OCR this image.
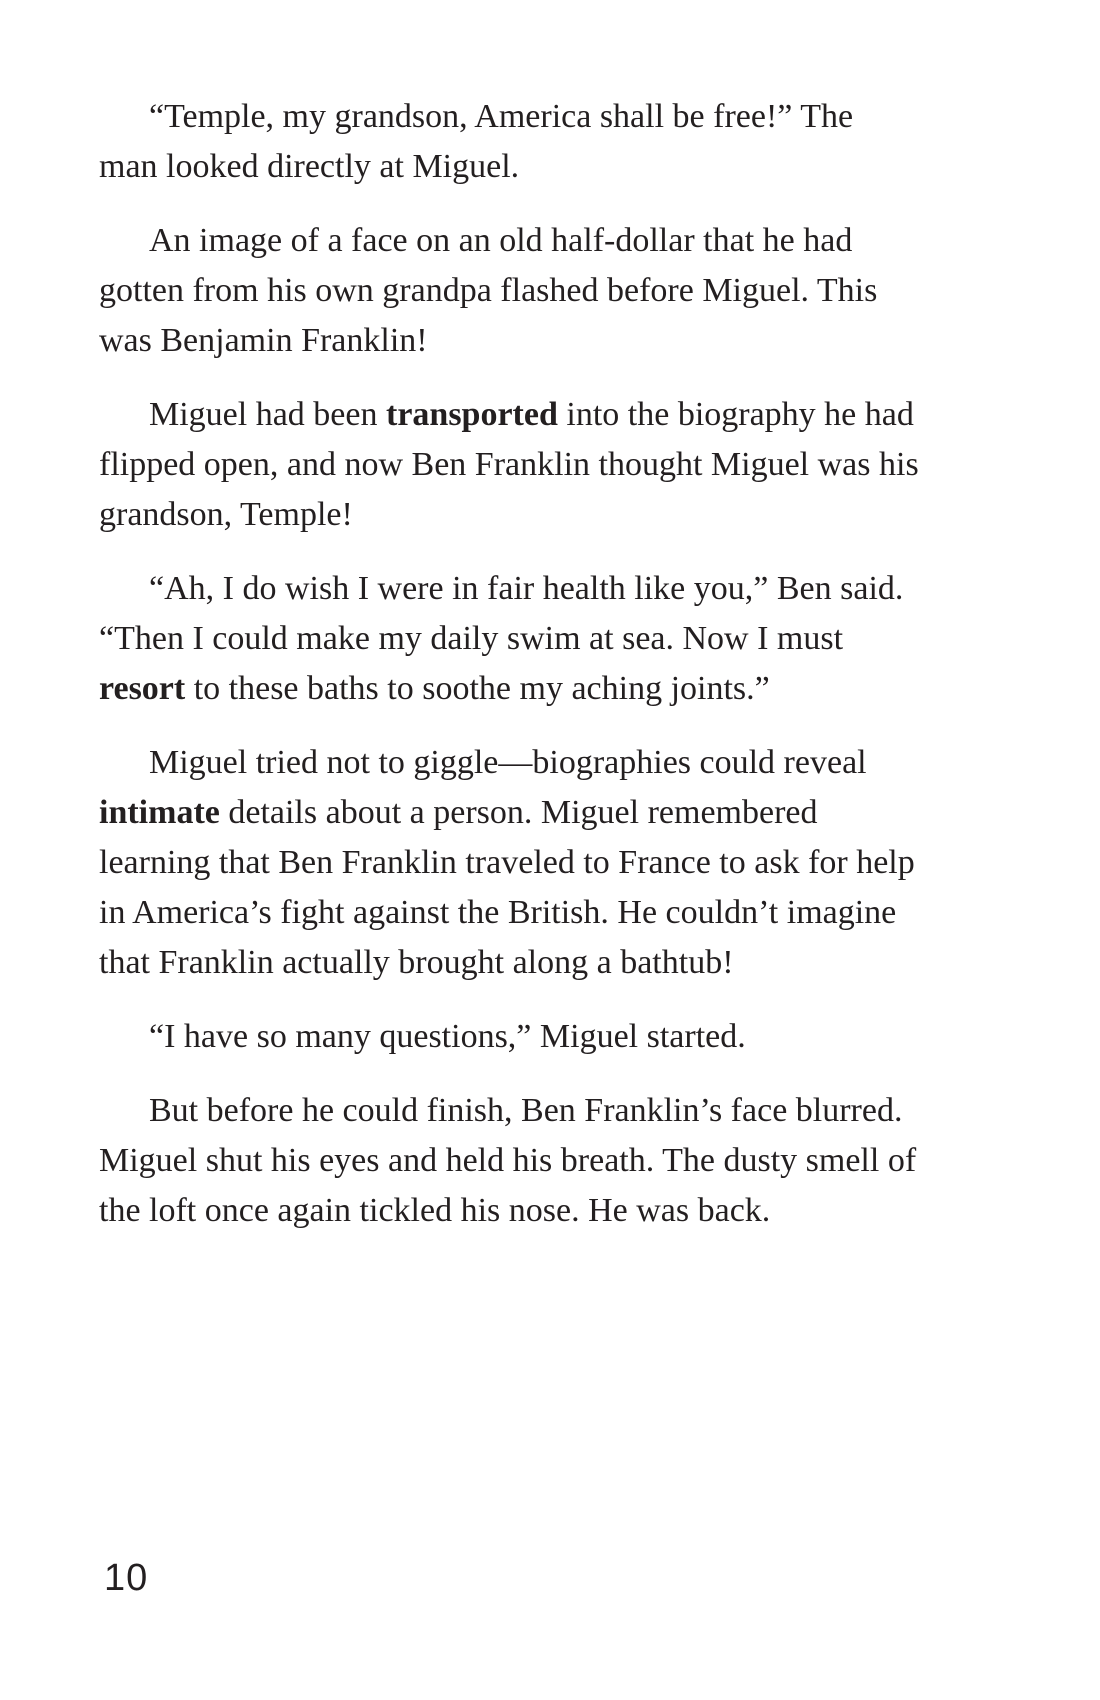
“Temple, my grandson, America shall be free!” The man looked directly at Miguel.

An image of a face on an old half-dollar that he had gotten from his own grandpa flashed before Miguel. This was Benjamin Franklin!

Miguel had been transported into the biography he had flipped open, and now Ben Franklin thought Miguel was his grandson, Temple!

“Ah, I do wish I were in fair health like you,” Ben said. “Then I could make my daily swim at sea. Now I must resort to these baths to soothe my aching joints.”

Miguel tried not to giggle—biographies could reveal intimate details about a person. Miguel remembered learning that Ben Franklin traveled to France to ask for help in America’s fight against the British. He couldn’t imagine that Franklin actually brought along a bathtub!

“I have so many questions,” Miguel started.

But before he could finish, Ben Franklin’s face blurred. Miguel shut his eyes and held his breath. The dusty smell of the loft once again tickled his nose. He was back.

10
